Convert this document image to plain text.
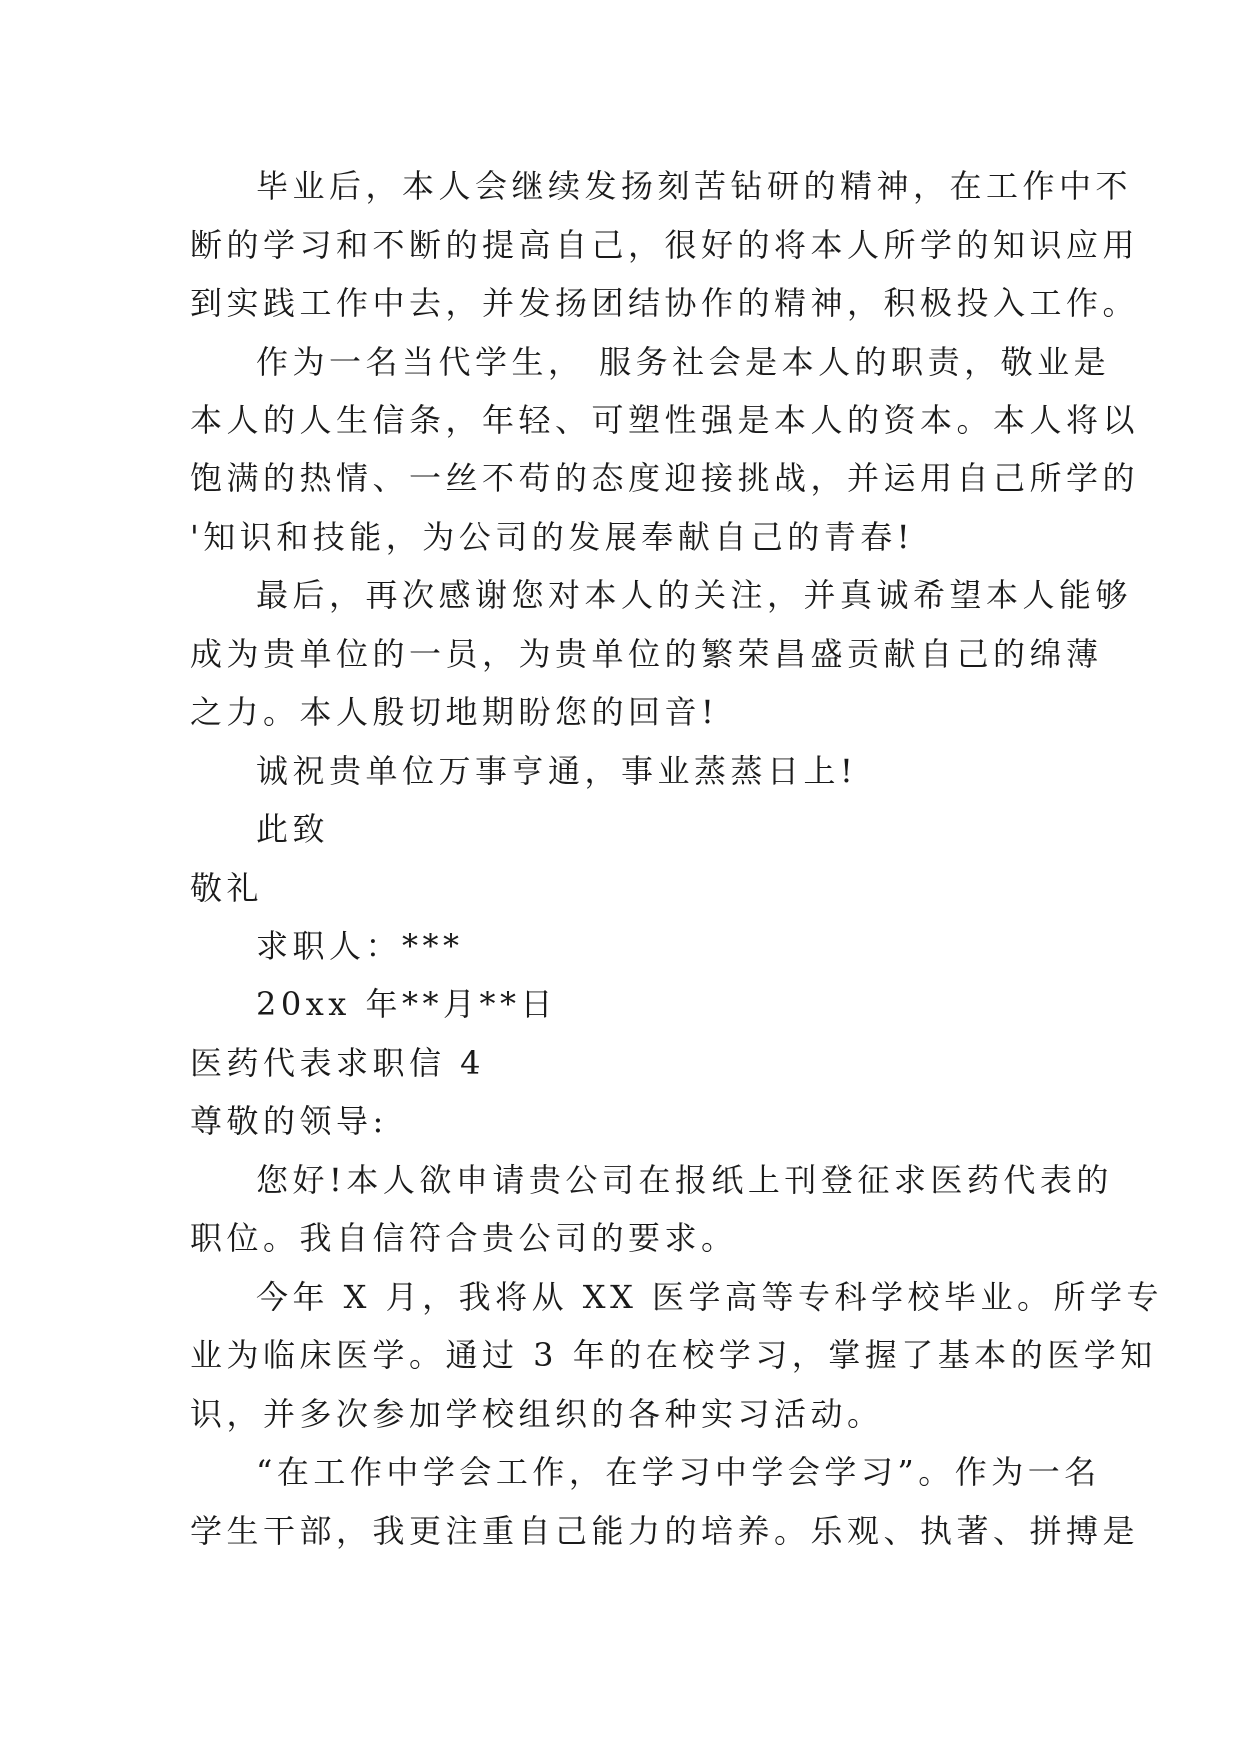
毕业后，本人会继续发扬刻苦钻研的精神，在工作中不
断的学习和不断的提高自己，很好的将本人所学的知识应用
到实践工作中去，并发扬团结协作的精神，积极投入工作。
作为一名当代学生， 服务社会是本人的职责，敬业是
本人的人生信条，年轻、可塑性强是本人的资本。本人将以
饱满的热情、一丝不苟的态度迎接挑战，并运用自己所学的
'知识和技能，为公司的发展奉献自己的青春!
最后，再次感谢您对本人的关注，并真诚希望本人能够
成为贵单位的一员，为贵单位的繁荣昌盛贡献自己的绵薄
之力。本人殷切地期盼您的回音!
诚祝贵单位万事亨通，事业蒸蒸日上!
此致
敬礼
求职人：***
20xx 年**月**日
医药代表求职信 4
尊敬的领导:
您好!本人欲申请贵公司在报纸上刊登征求医药代表的
职位。我自信符合贵公司的要求。
今年 X 月，我将从 XX 医学高等专科学校毕业。所学专
业为临床医学。通过 3 年的在校学习，掌握了基本的医学知
识，并多次参加学校组织的各种实习活动。
“在工作中学会工作，在学习中学会学习”。作为一名
学生干部，我更注重自己能力的培养。乐观、执著、拼搏是
